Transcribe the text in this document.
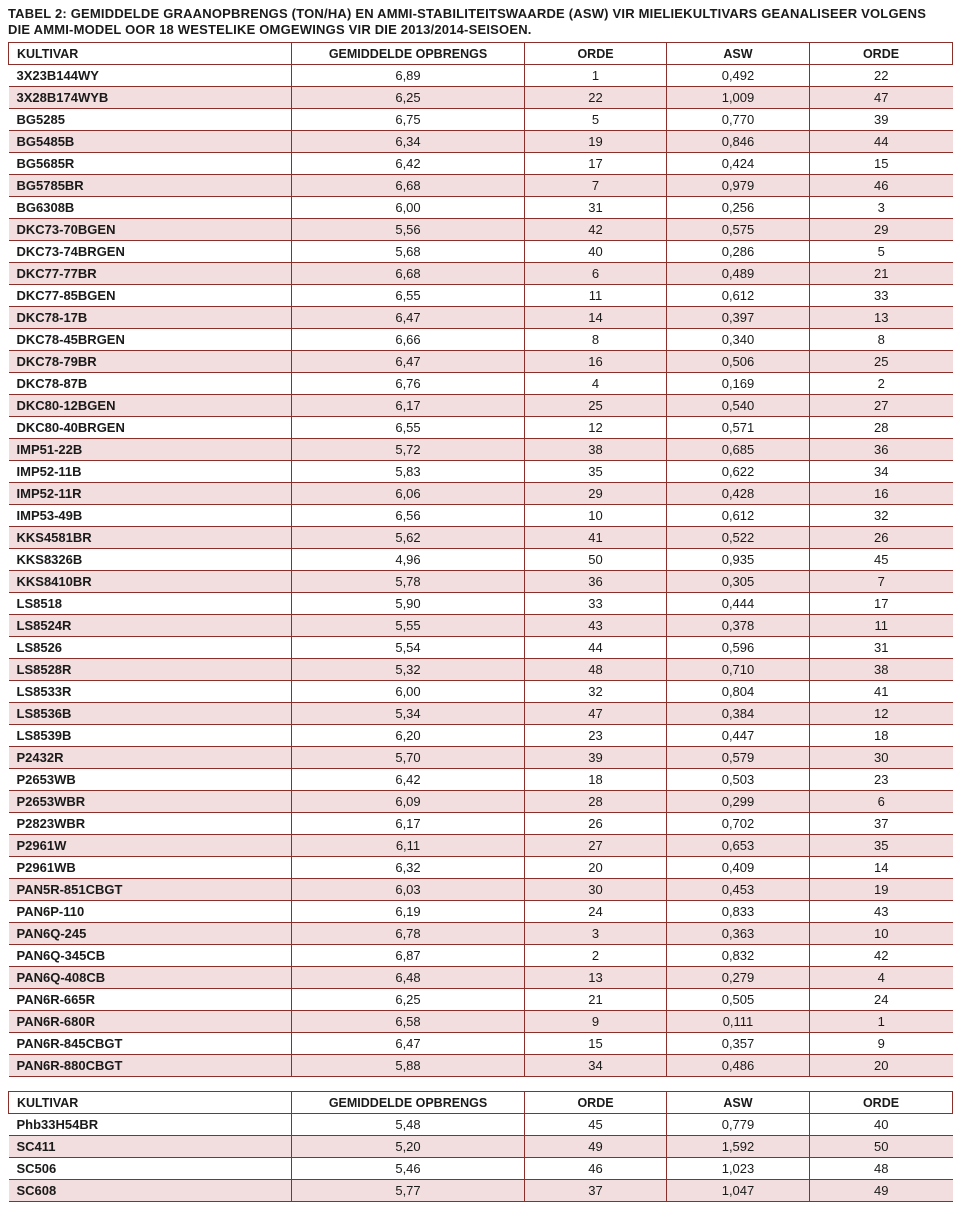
TABEL 2: GEMIDDELDE GRAANOPBRENGS (TON/HA) EN AMMI-STABILITEITSWAARDE (ASW) VIR MIELIEKULTIVARS GEANALISEER VOLGENS DIE AMMI-MODEL OOR 18 WESTELIKE OMGEWINGS VIR DIE 2013/2014-SEISOEN.
KULTIVAR	GEMIDDELDE OPBRENGS	ORDE	ASW	ORDE
3X23B144WY	6,89	1	0,492	22
3X28B174WYB	6,25	22	1,009	47
BG5285	6,75	5	0,770	39
BG5485B	6,34	19	0,846	44
BG5685R	6,42	17	0,424	15
BG5785BR	6,68	7	0,979	46
BG6308B	6,00	31	0,256	3
DKC73-70BGEN	5,56	42	0,575	29
DKC73-74BRGEN	5,68	40	0,286	5
DKC77-77BR	6,68	6	0,489	21
DKC77-85BGEN	6,55	11	0,612	33
DKC78-17B	6,47	14	0,397	13
DKC78-45BRGEN	6,66	8	0,340	8
DKC78-79BR	6,47	16	0,506	25
DKC78-87B	6,76	4	0,169	2
DKC80-12BGEN	6,17	25	0,540	27
DKC80-40BRGEN	6,55	12	0,571	28
IMP51-22B	5,72	38	0,685	36
IMP52-11B	5,83	35	0,622	34
IMP52-11R	6,06	29	0,428	16
IMP53-49B	6,56	10	0,612	32
KKS4581BR	5,62	41	0,522	26
KKS8326B	4,96	50	0,935	45
KKS8410BR	5,78	36	0,305	7
LS8518	5,90	33	0,444	17
LS8524R	5,55	43	0,378	11
LS8526	5,54	44	0,596	31
LS8528R	5,32	48	0,710	38
LS8533R	6,00	32	0,804	41
LS8536B	5,34	47	0,384	12
LS8539B	6,20	23	0,447	18
P2432R	5,70	39	0,579	30
P2653WB	6,42	18	0,503	23
P2653WBR	6,09	28	0,299	6
P2823WBR	6,17	26	0,702	37
P2961W	6,11	27	0,653	35
P2961WB	6,32	20	0,409	14
PAN5R-851CBGT	6,03	30	0,453	19
PAN6P-110	6,19	24	0,833	43
PAN6Q-245	6,78	3	0,363	10
PAN6Q-345CB	6,87	2	0,832	42
PAN6Q-408CB	6,48	13	0,279	4
PAN6R-665R	6,25	21	0,505	24
PAN6R-680R	6,58	9	0,111	1
PAN6R-845CBGT	6,47	15	0,357	9
PAN6R-880CBGT	5,88	34	0,486	20
KULTIVAR	GEMIDDELDE OPBRENGS	ORDE	ASW	ORDE
Phb33H54BR	5,48	45	0,779	40
SC411	5,20	49	1,592	50
SC506	5,46	46	1,023	48
SC608	5,77	37	1,047	49
